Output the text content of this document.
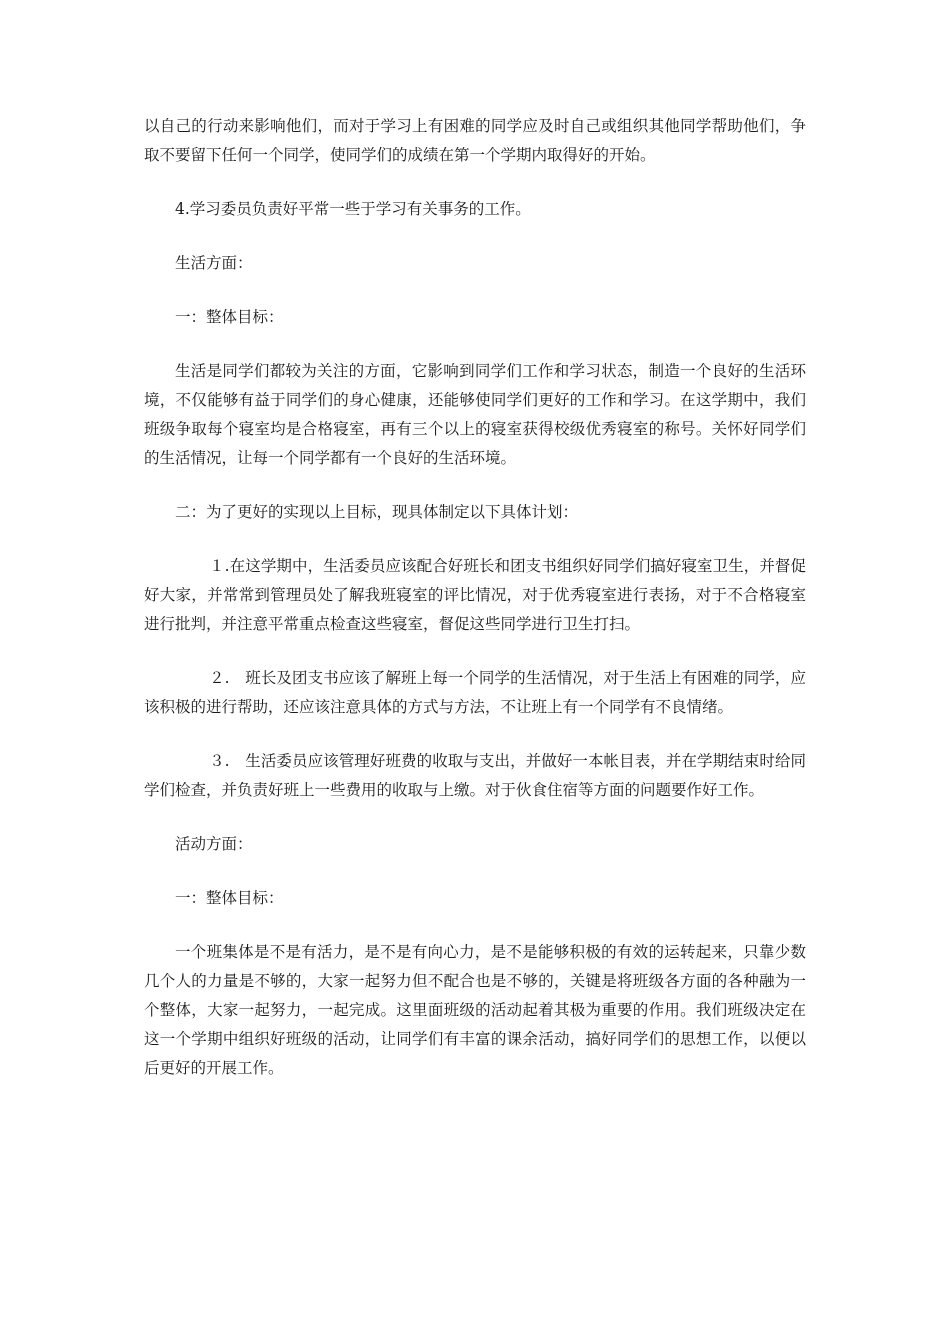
以自己的行动来影响他们，而对于学习上有困难的同学应及时自己或组织其他同学帮助他们，争取不要留下任何一个同学，使同学们的成绩在第一个学期内取得好的开始。

4.学习委员负责好平常一些于学习有关事务的工作。

生活方面：

一：整体目标：

生活是同学们都较为关注的方面，它影响到同学们工作和学习状态，制造一个良好的生活环境，不仅能够有益于同学们的身心健康，还能够使同学们更好的工作和学习。在这学期中，我们班级争取每个寝室均是合格寝室，再有三个以上的寝室获得校级优秀寝室的称号。关怀好同学们的生活情况，让每一个同学都有一个良好的生活环境。

二：为了更好的实现以上目标，现具体制定以下具体计划：

１.在这学期中，生活委员应该配合好班长和团支书组织好同学们搞好寝室卫生，并督促好大家，并常常到管理员处了解我班寝室的评比情况，对于优秀寝室进行表扬，对于不合格寝室进行批判，并注意平常重点检查这些寝室，督促这些同学进行卫生打扫。

２.　班长及团支书应该了解班上每一个同学的生活情况，对于生活上有困难的同学，应该积极的进行帮助，还应该注意具体的方式与方法，不让班上有一个同学有不良情绪。

３.　生活委员应该管理好班费的收取与支出，并做好一本帐目表，并在学期结束时给同学们检查，并负责好班上一些费用的收取与上缴。对于伙食住宿等方面的问题要作好工作。

活动方面：

一：整体目标：

一个班集体是不是有活力，是不是有向心力，是不是能够积极的有效的运转起来，只靠少数几个人的力量是不够的，大家一起努力但不配合也是不够的，关键是将班级各方面的各种融为一个整体，大家一起努力，一起完成。这里面班级的活动起着其极为重要的作用。我们班级决定在这一个学期中组织好班级的活动，让同学们有丰富的课余活动，搞好同学们的思想工作，以便以后更好的开展工作。
